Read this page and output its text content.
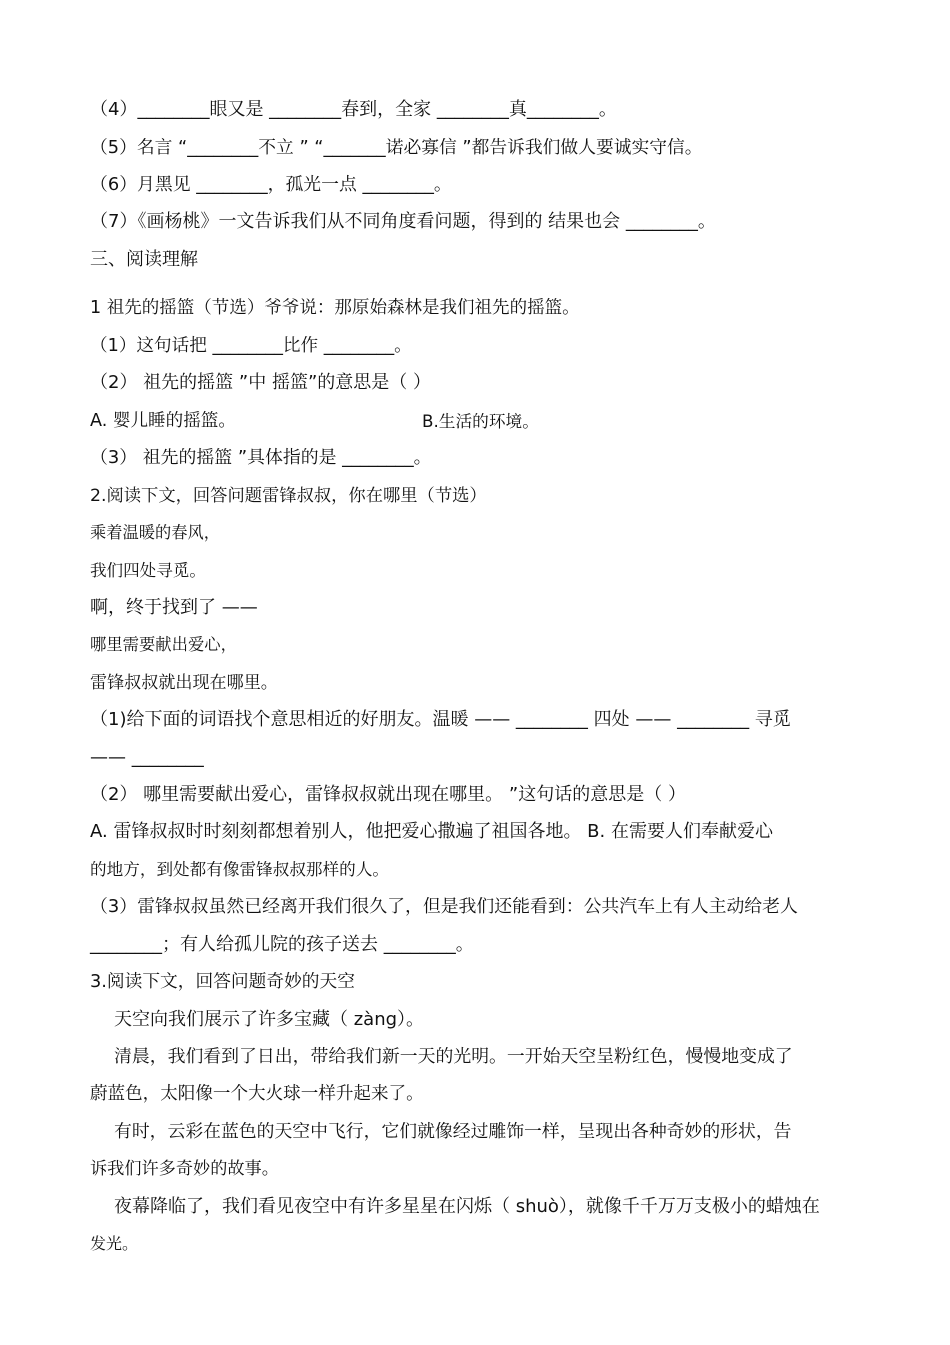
（4）________眼又是 ________春到，全家 ________真________。
（5）名言 “________不立 ” “_______诺必寡信 ”都告诉我们做人要诚实守信。
（6）月黑见 ________，孤光一点 ________。
（7）《画杨桃》一文告诉我们从不同角度看问题，得到的 结果也会 ________。
三、阅读理解
1 祖先的摇篮（节选）爷爷说：那原始森林是我们祖先的摇篮。
（1）这句话把 ________比作 ________。
（2） 祖先的摇篮 ”中 摇篮”的意思是（ ）
A. 婴儿睡的摇篮。	B.生活的环境。
（3） 祖先的摇篮 ”具体指的是 ________。
2.阅读下文，回答问题雷锋叔叔，你在哪里（节选）
乘着温暖的春风，
我们四处寻觅。
啊，终于找到了 ——
哪里需要献出爱心，
雷锋叔叔就出现在哪里。
（1)给下面的词语找个意思相近的好朋友。温暖 —— ________ 四处 —— ________ 寻觅
—— ________
（2） 哪里需要献出爱心，雷锋叔叔就出现在哪里。 ”这句话的意思是（ ）
A. 雷锋叔叔时时刻刻都想着别人，他把爱心撒遍了祖国各地。 B. 在需要人们奉献爱心
的地方，到处都有像雷锋叔叔那样的人。
（3）雷锋叔叔虽然已经离开我们很久了，但是我们还能看到：公共汽车上有人主动给老人
________；有人给孤儿院的孩子送去 ________。
3.阅读下文，回答问题奇妙的天空
天空向我们展示了许多宝藏（ zàng）。
清晨，我们看到了日出，带给我们新一天的光明。一开始天空呈粉红色，慢慢地变成了
蔚蓝色，太阳像一个大火球一样升起来了。
有时，云彩在蓝色的天空中飞行，它们就像经过雕饰一样，呈现出各种奇妙的形状，告
诉我们许多奇妙的故事。
夜幕降临了，我们看见夜空中有许多星星在闪烁（ shuò），就像千千万万支极小的蜡烛在
发光。
